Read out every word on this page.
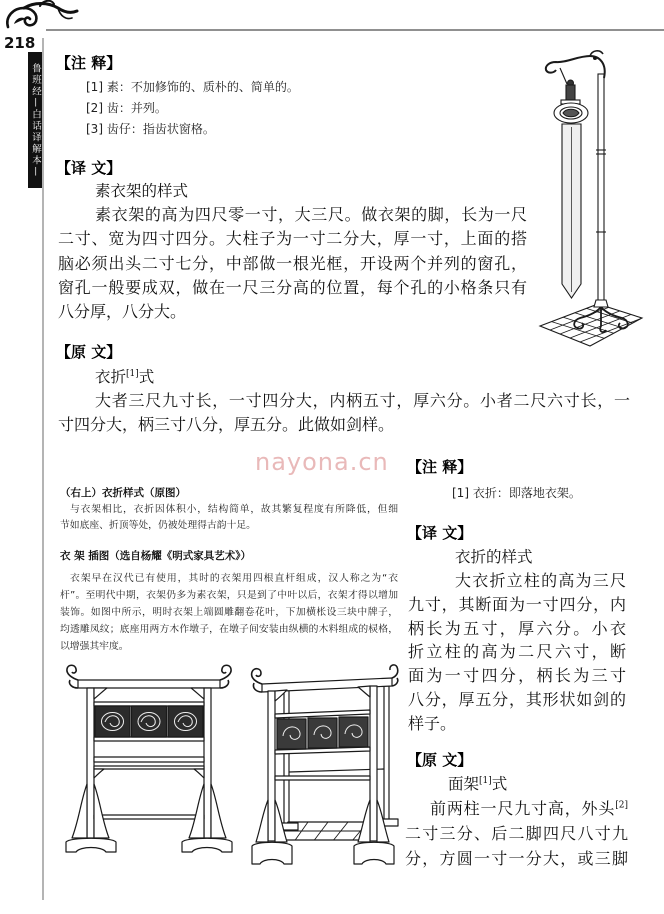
218
鲁班经—白话译解本— 【注 释】
[1] 素：不加修饰的、质朴的、简单的。
[2] 齿：并列。
[3] 齿仔：指齿状窗格。
【译 文】
素衣架的样式
素衣架的高为四尺零一寸，大三尺。做衣架的脚，长为一尺
二寸、宽为四寸四分。大柱子为一寸二分大，厚一寸，上面的搭
脑必须出头二寸七分，中部做一根光框，开设两个并列的窗孔，
窗孔一般要成双，做在一尺三分高的位置，每个孔的小格条只有
八分厚，八分大。
【原 文】
衣折[1]式
大者三尺九寸长，一寸四分大，内柄五寸，厚六分。小者二尺六寸长，一
寸四分大，柄三寸八分，厚五分。此做如剑样。
nayona.cn
（右上）衣折样式（原图）
与衣架相比，衣折因体积小，结构简单，故其繁复程度有所降低，但细
节如底座、折顶等处，仍被处理得古韵十足。
衣 架 插图（选自杨耀《明式家具艺术》）
衣架早在汉代已有使用，其时的衣架用四根直杆组成，汉人称之为“衣
杆”。至明代中期，衣架仍多为素衣架，只是到了中叶以后，衣架才得以增加
装饰。如图中所示，明时衣架上端圆雕翻卷花叶，下加横枨设三块中牌子，
均透雕凤纹；底座用两方木作墩子，在墩子间安装由纵横的木料组成的棂格，
以增强其牢度。
【注 释】
[1] 衣折：即落地衣架。
【译 文】
衣折的样式
大衣折立柱的高为三尺
九寸，其断面为一寸四分，内
柄长为五寸，厚六分。小衣
折立柱的高为二尺六寸，断
面为一寸四分，柄长为三寸
八分，厚五分，其形状如剑的
样子。
【原 文】
面架[1]式
前两柱一尺九寸高，外头[2]
二寸三分、后二脚四尺八寸九
分，方圆一寸一分大，或三脚
